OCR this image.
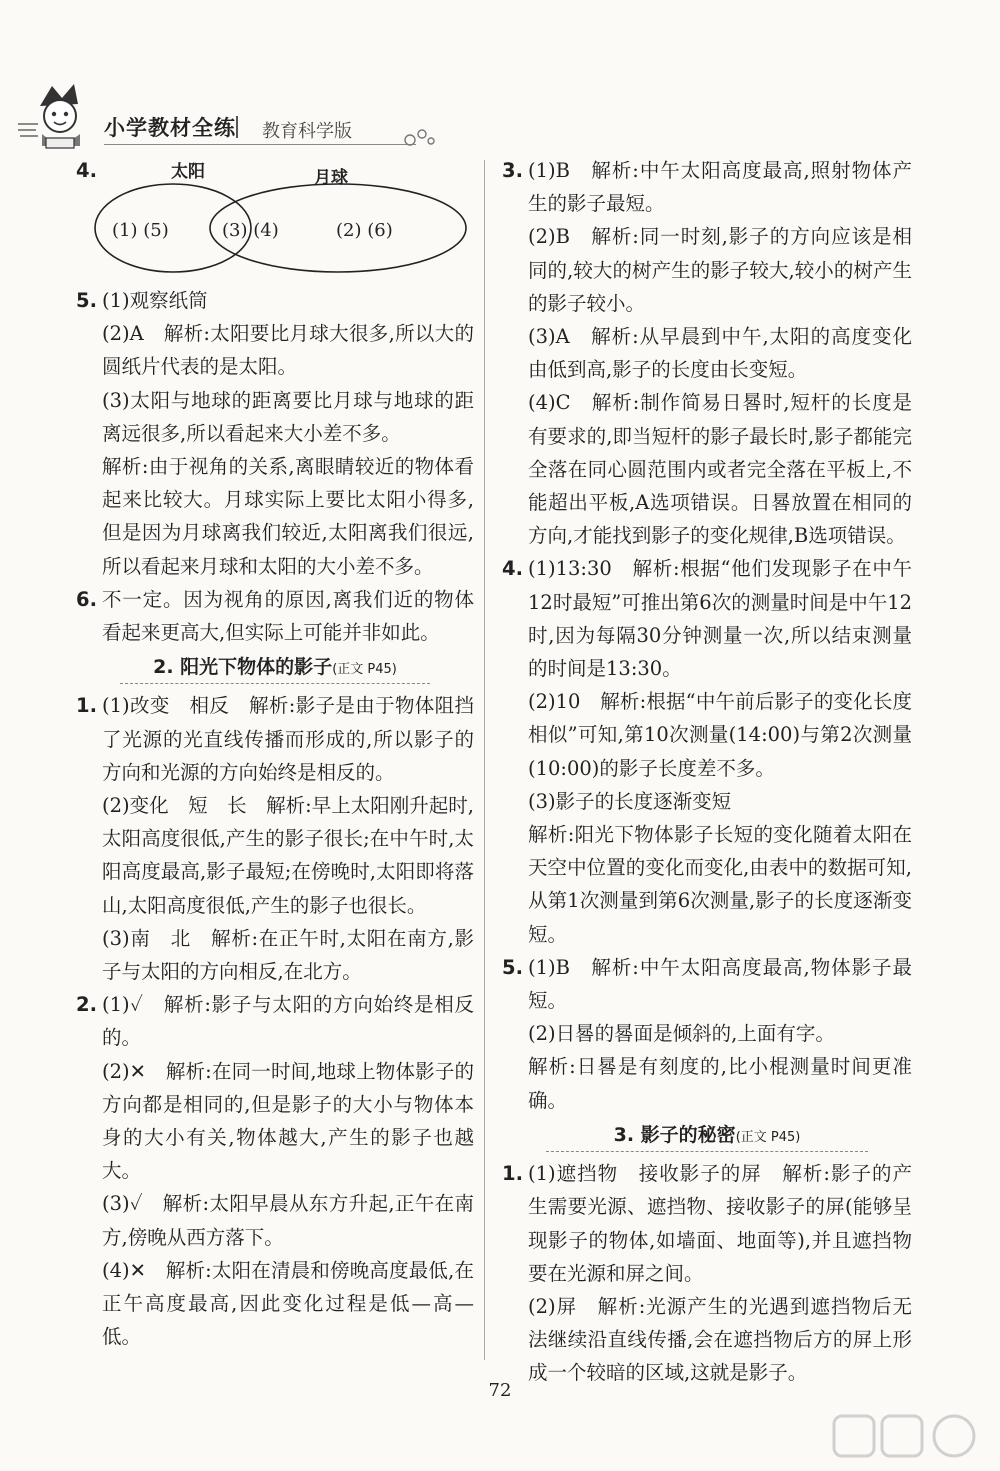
小学教材全练 教育科学版
4.	太阳	月球
(1) (5)	(3) (4)	(2) (6)
5. (1)观察纸筒
(2)A　解析:太阳要比月球大很多,所以大的圆纸片代表的是太阳。
(3)太阳与地球的距离要比月球与地球的距离远很多,所以看起来大小差不多。
解析:由于视角的关系,离眼睛较近的物体看起来比较大。月球实际上要比太阳小得多,但是因为月球离我们较近,太阳离我们很远,所以看起来月球和太阳的大小差不多。
6. 不一定。因为视角的原因,离我们近的物体看起来更高大,但实际上可能并非如此。
2. 阳光下物体的影子(正文 P45)
1. (1)改变　相反　解析:影子是由于物体阻挡了光源的光直线传播而形成的,所以影子的方向和光源的方向始终是相反的。
(2)变化　短　长　解析:早上太阳刚升起时,太阳高度很低,产生的影子很长;在中午时,太阳高度最高,影子最短;在傍晚时,太阳即将落山,太阳高度很低,产生的影子也很长。
(3)南　北　解析:在正午时,太阳在南方,影子与太阳的方向相反,在北方。
2. (1)✓　解析:影子与太阳的方向始终是相反的。
(2)✕　解析:在同一时间,地球上物体影子的方向都是相同的,但是影子的大小与物体本身的大小有关,物体越大,产生的影子也越大。
(3)✓　解析:太阳早晨从东方升起,正午在南方,傍晚从西方落下。
(4)✕　解析:太阳在清晨和傍晚高度最低,在正午高度最高,因此变化过程是低—高—低。
3. (1)B　解析:中午太阳高度最高,照射物体产生的影子最短。
(2)B　解析:同一时刻,影子的方向应该是相同的,较大的树产生的影子较大,较小的树产生的影子较小。
(3)A　解析:从早晨到中午,太阳的高度变化由低到高,影子的长度由长变短。
(4)C　解析:制作简易日晷时,短杆的长度是有要求的,即当短杆的影子最长时,影子都能完全落在同心圆范围内或者完全落在平板上,不能超出平板,A选项错误。日晷放置在相同的方向,才能找到影子的变化规律,B选项错误。
4. (1)13:30　解析:根据“他们发现影子在中午12时最短”可推出第6次的测量时间是中午12时,因为每隔30分钟测量一次,所以结束测量的时间是13:30。
(2)10　解析:根据“中午前后影子的变化长度相似”可知,第10次测量(14:00)与第2次测量(10:00)的影子长度差不多。
(3)影子的长度逐渐变短
解析:阳光下物体影子长短的变化随着太阳在天空中位置的变化而变化,由表中的数据可知,从第1次测量到第6次测量,影子的长度逐渐变短。
5. (1)B　解析:中午太阳高度最高,物体影子最短。
(2)日晷的晷面是倾斜的,上面有字。
解析:日晷是有刻度的,比小棍测量时间更准确。
3. 影子的秘密(正文 P45)
1. (1)遮挡物　接收影子的屏　解析:影子的产生需要光源、遮挡物、接收影子的屏(能够呈现影子的物体,如墙面、地面等),并且遮挡物要在光源和屏之间。
(2)屏　解析:光源产生的光遇到遮挡物后无法继续沿直线传播,会在遮挡物后方的屏上形成一个较暗的区域,这就是影子。
72
